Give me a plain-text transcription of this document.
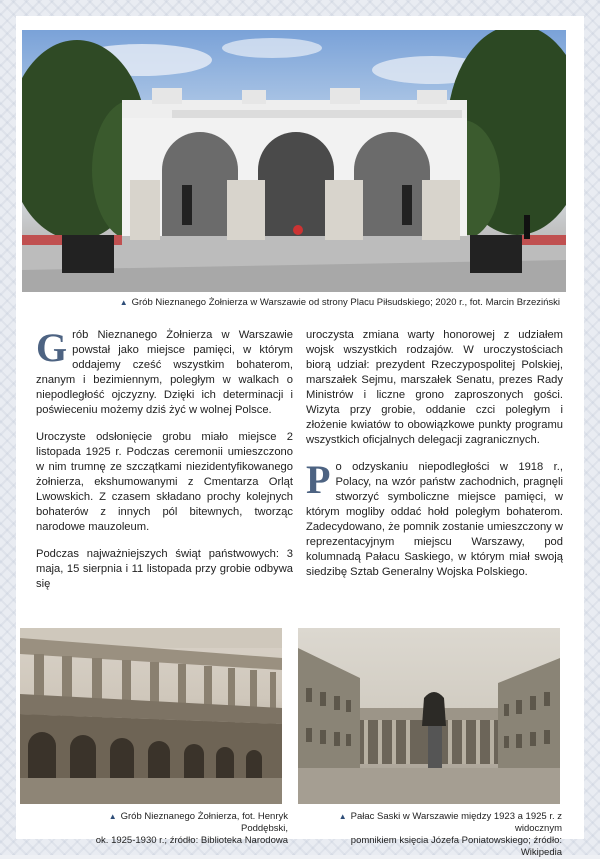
▲ Grób Nieznanego Żołnierza w Warszawie od strony Placu Piłsudskiego; 2020 r., fot. Marcin Brzeziński

Grób Nieznanego Żołnierza w Warszawie powstał jako miejsce pamięci, w którym oddajemy cześć wszystkim bohaterom, znanym i bezimiennym, poległym w walkach o niepodległość ojczyzny. Dzięki ich determinacji i poświeceniu możemy dziś żyć w wolnej Polsce.

Uroczyste odsłonięcie grobu miało miejsce 2 listopada 1925 r. Podczas ceremonii umieszczono w nim trumnę ze szczątkami niezidentyfikowanego żołnierza, ekshumowanymi z Cmentarza Orląt Lwowskich. Z czasem składano prochy kolejnych bohaterów z innych pól bitewnych, tworząc narodowe mauzoleum.

Podczas najważniejszych świąt państwowych: 3 maja, 15 sierpnia i 11 listopada przy grobie odbywa się

uroczysta zmiana warty honorowej z udziałem wojsk wszystkich rodzajów. W uroczystościach biorą udział: prezydent Rzeczypospolitej Polskiej, marszałek Sejmu, marszałek Senatu, prezes Rady Ministrów i liczne grono zaproszonych gości. Wizyta przy grobie, oddanie czci poległym i złożenie kwiatów to obowiązkowe punkty programu wszystkich oficjalnych delegacji zagranicznych.

Po odzyskaniu niepodległości w 1918 r., Polacy, na wzór państw zachodnich, pragnęli stworzyć symboliczne miejsce pamięci, w którym mogliby oddać hołd poległym bohaterom. Zadecydowano, że pomnik zostanie umieszczony w reprezentacyjnym miejscu Warszawy, pod kolumnadą Pałacu Saskiego, w którym miał swoją siedzibę Sztab Generalny Wojska Polskiego.

▲ Grób Nieznanego Żołnierza, fot. Henryk Poddębski,
ok. 1925-1930 r.; źródło: Biblioteka Narodowa
▲ Pałac Saski w Warszawie między 1923 a 1925 r. z widocznym
pomnikiem księcia Józefa Poniatowskiego; źródło: Wikipedia
